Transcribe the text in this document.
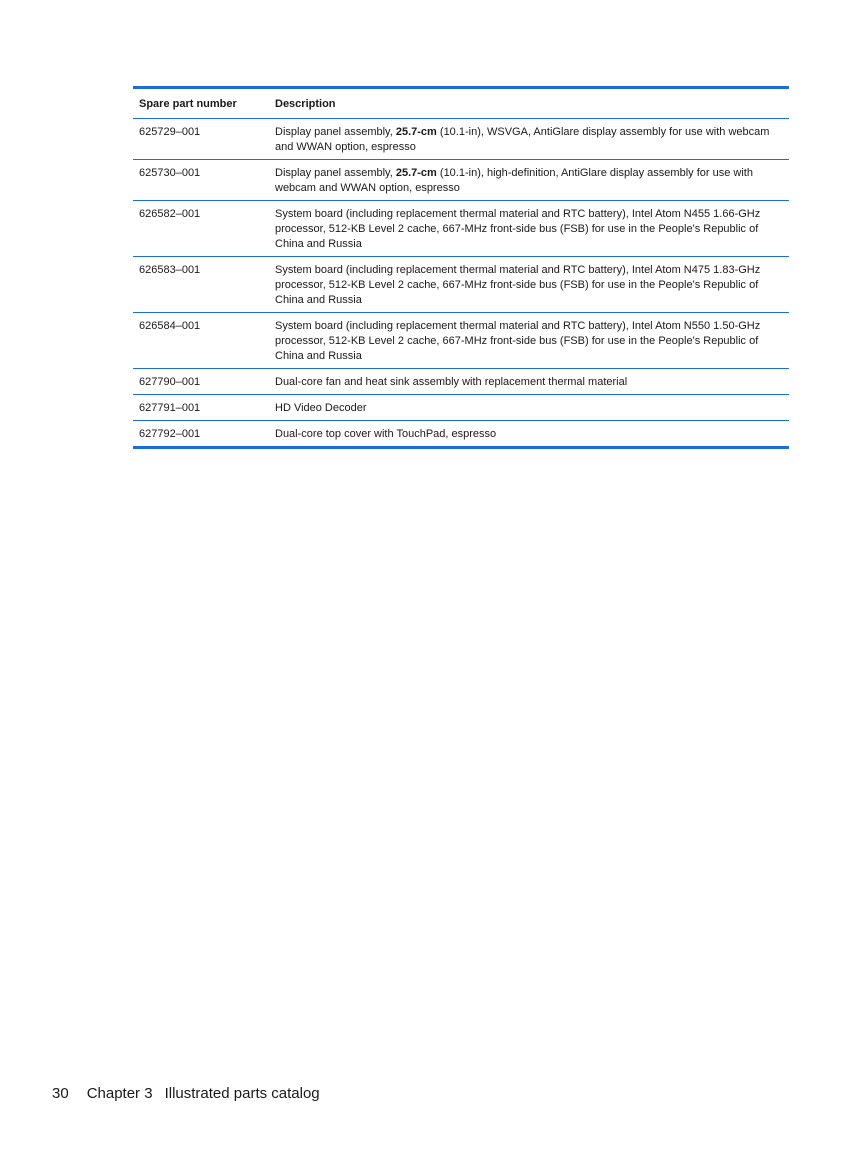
Spare part number	Description
625729–001	Display panel assembly, 25.7-cm (10.1-in), WSVGA, AntiGlare display assembly for use with webcam and WWAN option, espresso
625730–001	Display panel assembly, 25.7-cm (10.1-in), high-definition, AntiGlare display assembly for use with webcam and WWAN option, espresso
626582–001	System board (including replacement thermal material and RTC battery), Intel Atom N455 1.66-GHz processor, 512-KB Level 2 cache, 667-MHz front-side bus (FSB) for use in the People's Republic of China and Russia
626583–001	System board (including replacement thermal material and RTC battery), Intel Atom N475 1.83-GHz processor, 512-KB Level 2 cache, 667-MHz front-side bus (FSB) for use in the People's Republic of China and Russia
626584–001	System board (including replacement thermal material and RTC battery), Intel Atom N550 1.50-GHz processor, 512-KB Level 2 cache, 667-MHz front-side bus (FSB) for use in the People's Republic of China and Russia
627790–001	Dual-core fan and heat sink assembly with replacement thermal material
627791–001	HD Video Decoder
627792–001	Dual-core top cover with TouchPad, espresso
30 Chapter 3 Illustrated parts catalog
